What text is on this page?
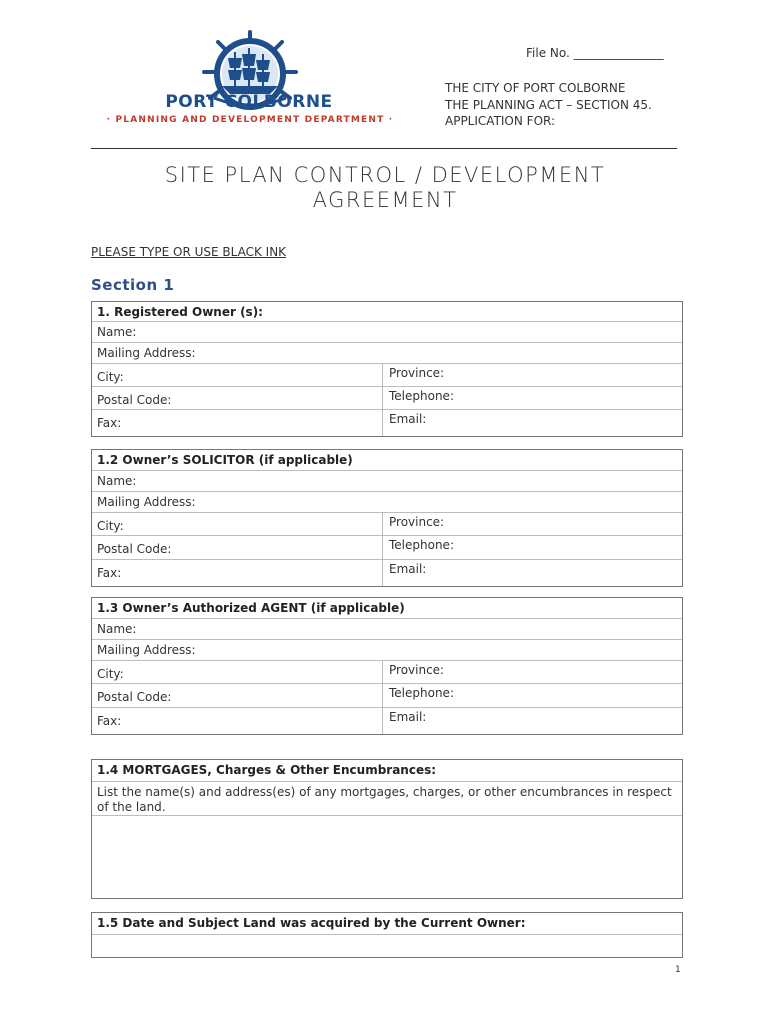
PORT COLBORNE
· PLANNING AND DEVELOPMENT DEPARTMENT ·
File No. _______________
THE CITY OF PORT COLBORNE
THE PLANNING ACT – SECTION 45.
APPLICATION FOR:
SITE PLAN CONTROL / DEVELOPMENT
AGREEMENT
PLEASE TYPE OR USE BLACK INK
Section 1
1. Registered Owner (s):
Name:
Mailing Address:
City:	Province:
Postal Code:	Telephone:
Fax:	Email:
1.2 Owner’s SOLICITOR (if applicable)
Name:
Mailing Address:
City:	Province:
Postal Code:	Telephone:
Fax:	Email:
1.3 Owner’s Authorized AGENT (if applicable)
Name:
Mailing Address:
City:	Province:
Postal Code:	Telephone:
Fax:	Email:
1.4 MORTGAGES, Charges & Other Encumbrances:
List the name(s) and address(es) of any mortgages, charges, or other encumbrances in respect of the land.
1.5 Date and Subject Land was acquired by the Current Owner:
1
